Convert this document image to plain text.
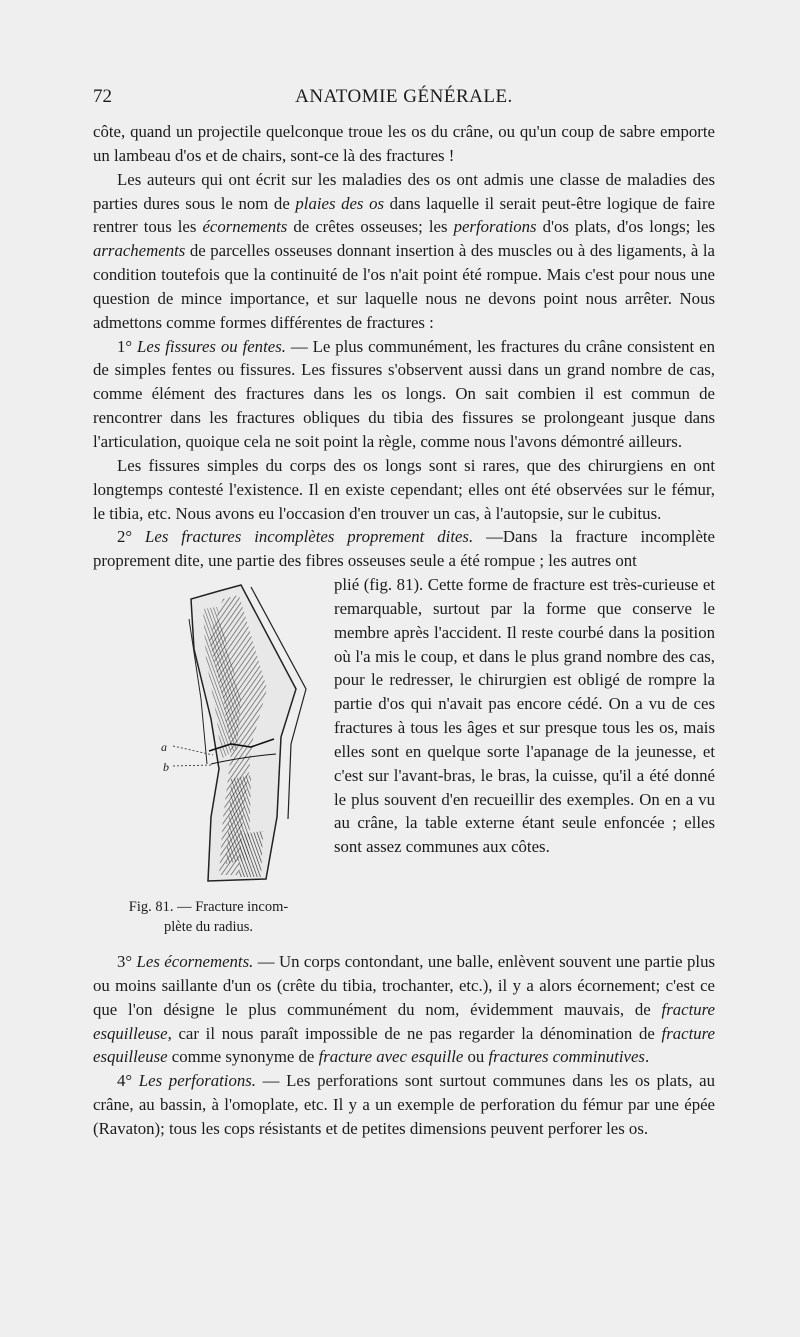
72	ANATOMIE GÉNÉRALE.

côte, quand un projectile quelconque troue les os du crâne, ou qu'un coup de sabre emporte un lambeau d'os et de chairs, sont-ce là des fractures !

Les auteurs qui ont écrit sur les maladies des os ont admis une classe de maladies des parties dures sous le nom de plaies des os dans laquelle il serait peut-être logique de faire rentrer tous les écornements de crêtes osseuses; les perforations d'os plats, d'os longs; les arrachements de parcelles osseuses donnant insertion à des muscles ou à des ligaments, à la condition toutefois que la continuité de l'os n'ait point été rompue. Mais c'est pour nous une question de mince importance, et sur laquelle nous ne devons point nous arrêter. Nous admettons comme formes différentes de fractures :

1° Les fissures ou fentes. — Le plus communément, les fractures du crâne consistent en de simples fentes ou fissures. Les fissures s'observent aussi dans un grand nombre de cas, comme élément des fractures dans les os longs. On sait combien il est commun de rencontrer dans les fractures obliques du tibia des fissures se prolongeant jusque dans l'articulation, quoique cela ne soit point la règle, comme nous l'avons démontré ailleurs.

Les fissures simples du corps des os longs sont si rares, que des chirurgiens en ont longtemps contesté l'existence. Il en existe cependant; elles ont été observées sur le fémur, le tibia, etc. Nous avons eu l'occasion d'en trouver un cas, à l'autopsie, sur le cubitus.

2° Les fractures incomplètes proprement dites. —Dans la fracture incomplète proprement dite, une partie des fibres osseuses seule a été rompue ; les autres ont

a
b
Fig. 81. — Fracture incom-
plète du radius.

plié (fig. 81). Cette forme de fracture est très-curieuse et remarquable, surtout par la forme que conserve le membre après l'accident. Il reste courbé dans la position où l'a mis le coup, et dans le plus grand nombre des cas, pour le redresser, le chirurgien est obligé de rompre la partie d'os qui n'avait pas encore cédé. On a vu de ces fractures à tous les âges et sur presque tous les os, mais elles sont en quelque sorte l'apanage de la jeunesse, et c'est sur l'avant-bras, le bras, la cuisse, qu'il a été donné le plus souvent d'en recueillir des exemples. On en a vu au crâne, la table externe étant seule enfoncée ; elles sont assez communes aux côtes.

3° Les écornements. — Un corps contondant, une balle, enlèvent souvent une partie plus ou moins saillante d'un os (crête du tibia, trochanter, etc.), il y a alors écornement; c'est ce que l'on désigne le plus communément du nom, évidemment mauvais, de fracture esquilleuse, car il nous paraît impossible de ne pas regarder la dénomination de fracture esquilleuse comme synonyme de fracture avec esquille ou fractures comminutives.

4° Les perforations. — Les perforations sont surtout communes dans les os plats, au crâne, au bassin, à l'omoplate, etc. Il y a un exemple de perforation du fémur par une épée (Ravaton); tous les cops résistants et de petites dimensions peuvent perforer les os.
